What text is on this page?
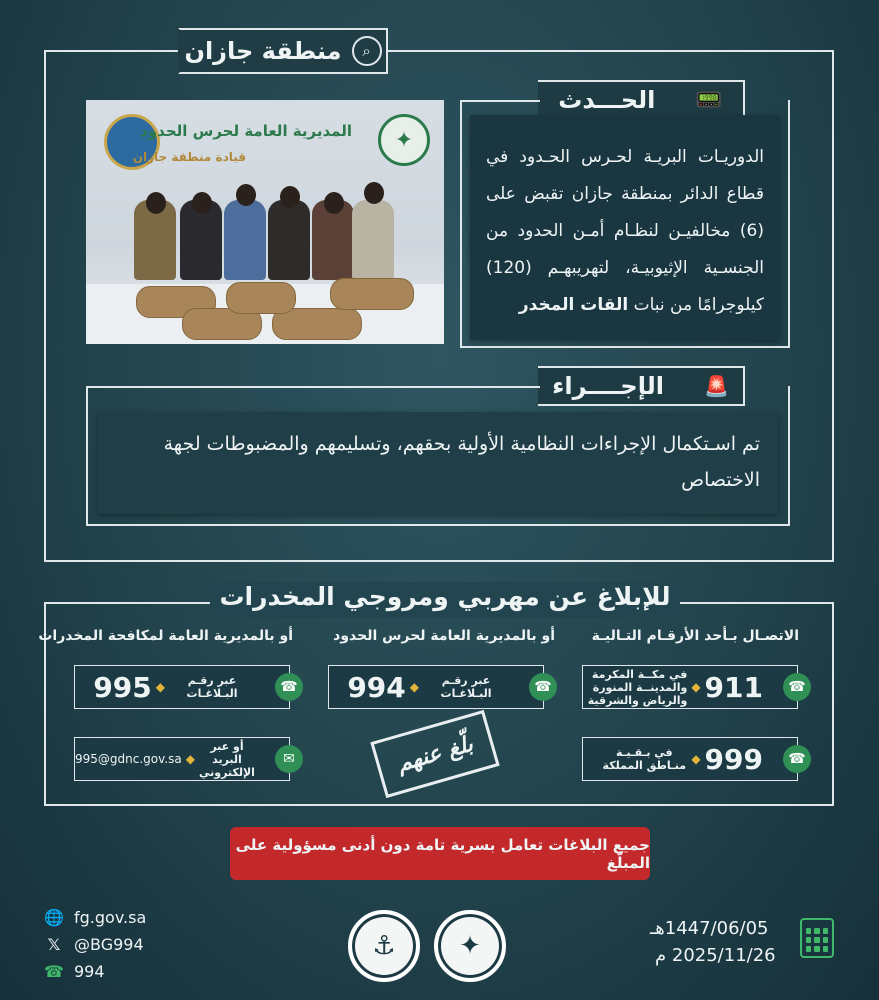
⌕
منطقة جازان
✦
المديرية العامة لحرس الحدود
قيادة منطقة جازان
📟
الحـــدث
الدوريـات البريـة لحـرس الحـدود في قطاع الدائر بمنطقة جازان تقبض على (6) مخالفيـن لنظـام أمـن الحدود من الجنسـية الإثيوبيـة، لتهريبهـم (120) كيلوجرامًا من نبات القات المخدر
🚨
الإجــــراء
تم اسـتكمال الإجراءات النظامية الأولية بحقهم، وتسليمهم والمضبوطات لجهة الاختصاص
للإبلاغ عن مهربي ومروجي المخدرات
الاتصـال بـأحد الأرقـام التـاليـة
أو بالمديرية العامة لحرس الحدود
أو بالمديرية العامة لمكافحة المخدرات
☎
911
◆
في مكــة المكرمة والمدينــة المنورة والرياض والشرقية
☎
999
◆
في بـقـيـة منـاطق المملكة
☎
عبر رقـم البـلاغـات
◆
994
☎
عبر رقـم البـلاغـات
◆
995
✉
أو عبر البريد الإلكتروني
◆
995@gdnc.gov.sa	بلّغ عنهم
جميع البلاغات تعامل بسرية تامة دون أدنى مسؤولية على المبلّغ
🌐 fg.gov.sa
𝕏 @BG994
☎ 994
⚓	✦
1447/06/05هـ
2025/11/26 م
